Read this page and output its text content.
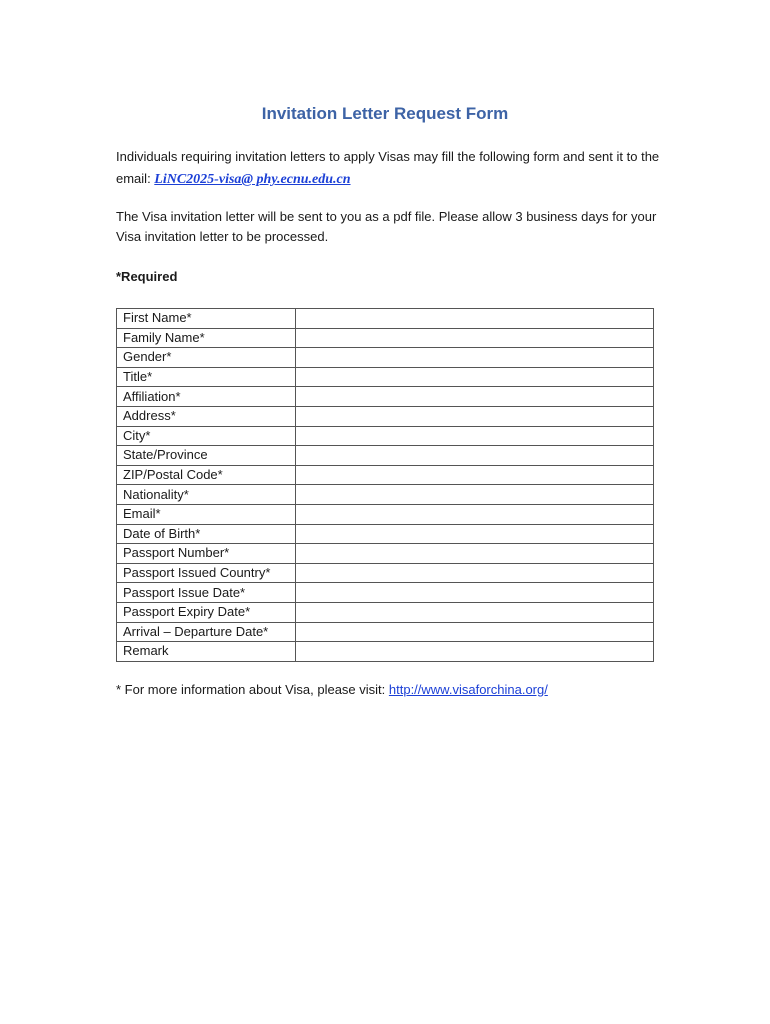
Invitation Letter Request Form
Individuals requiring invitation letters to apply Visas may fill the following form and sent it to the email: LiNC2025-visa@ phy.ecnu.edu.cn
The Visa invitation letter will be sent to you as a pdf file. Please allow 3 business days for your Visa invitation letter to be processed.
*Required
First Name*	
Family Name*	
Gender*	
Title*	
Affiliation*	
Address*	
City*	
State/Province	
ZIP/Postal Code*	
Nationality*	
Email*	
Date of Birth*	
Passport Number*	
Passport Issued Country*	
Passport Issue Date*	
Passport Expiry Date*	
Arrival – Departure Date*	
Remark	
* For more information about Visa, please visit: http://www.visaforchina.org/
